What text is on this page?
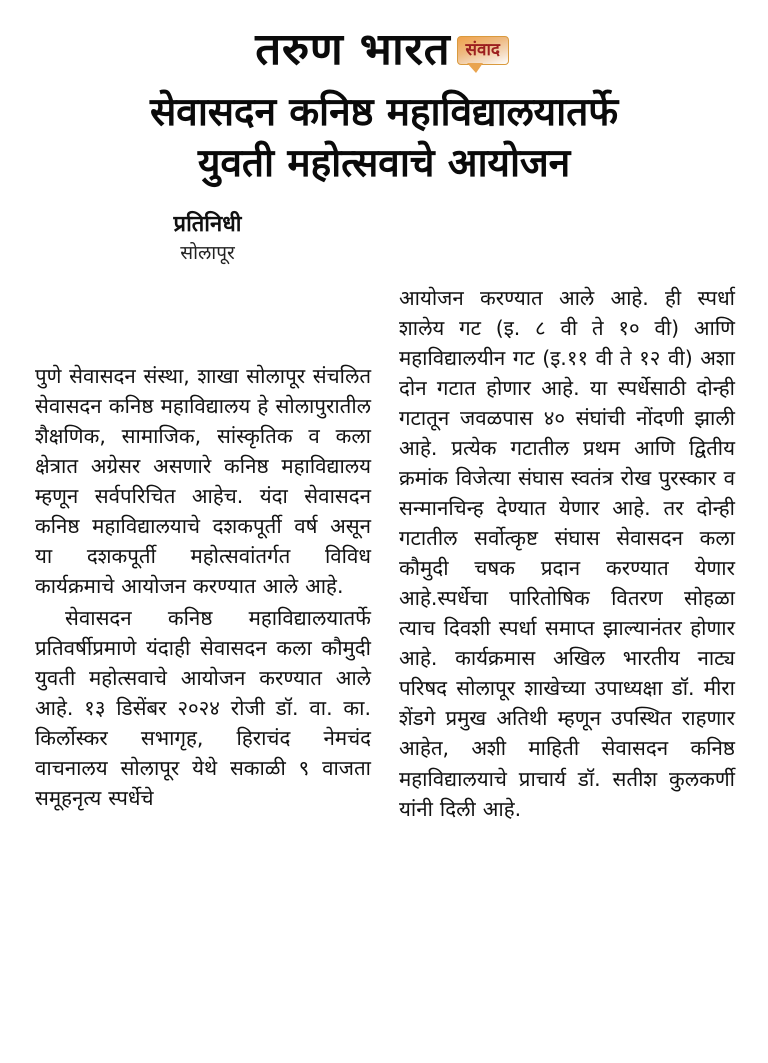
तरुण भारत संवाद
सेवासदन कनिष्ठ महाविद्यालयातर्फे
युवती महोत्सवाचे आयोजन
प्रतिनिधी
सोलापूर

पुणे सेवासदन संस्था, शाखा सोलापूर संचलित सेवासदन कनिष्ठ महाविद्यालय हे सोलापुरातील शैक्षणिक, सामाजिक, सांस्कृतिक व कला क्षेत्रात अग्रेसर असणारे कनिष्ठ महाविद्यालय म्हणून सर्वपरिचित आहेच. यंदा सेवासदन कनिष्ठ महाविद्यालयाचे दशकपूर्ती वर्ष असून या दशकपूर्ती महोत्सवांतर्गत विविध कार्यक्रमाचे आयोजन करण्यात आले आहे.

सेवासदन कनिष्ठ महाविद्यालयातर्फे प्रतिवर्षीप्रमाणे यंदाही सेवासदन कला कौमुदी युवती महोत्सवाचे आयोजन करण्यात आले आहे. १३ डिसेंबर २०२४ रोजी डॉ. वा. का. किर्लोस्कर सभागृह, हिराचंद नेमचंद वाचनालय सोलापूर येथे सकाळी ९ वाजता समूहनृत्य स्पर्धेचे

आयोजन करण्यात आले आहे. ही स्पर्धा शालेय गट (इ. ८ वी ते १० वी) आणि महाविद्यालयीन गट (इ.११ वी ते १२ वी) अशा दोन गटात होणार आहे. या स्पर्धेसाठी दोन्ही गटातून जवळपास ४० संघांची नोंदणी झाली आहे. प्रत्येक गटातील प्रथम आणि द्वितीय क्रमांक विजेत्या संघास स्वतंत्र रोख पुरस्कार व सन्मानचिन्ह देण्यात येणार आहे. तर दोन्ही गटातील सर्वोत्कृष्ट संघास सेवासदन कला कौमुदी चषक प्रदान करण्यात येणार आहे.स्पर्धेचा पारितोषिक वितरण सोहळा त्याच दिवशी स्पर्धा समाप्त झाल्यानंतर होणार आहे. कार्यक्रमास अखिल भारतीय नाट्य परिषद सोलापूर शाखेच्या उपाध्यक्षा डॉ. मीरा शेंडगे प्रमुख अतिथी म्हणून उपस्थित राहणार आहेत, अशी माहिती सेवासदन कनिष्ठ महाविद्यालयाचे प्राचार्य डॉ. सतीश कुलकर्णी यांनी दिली आहे.
